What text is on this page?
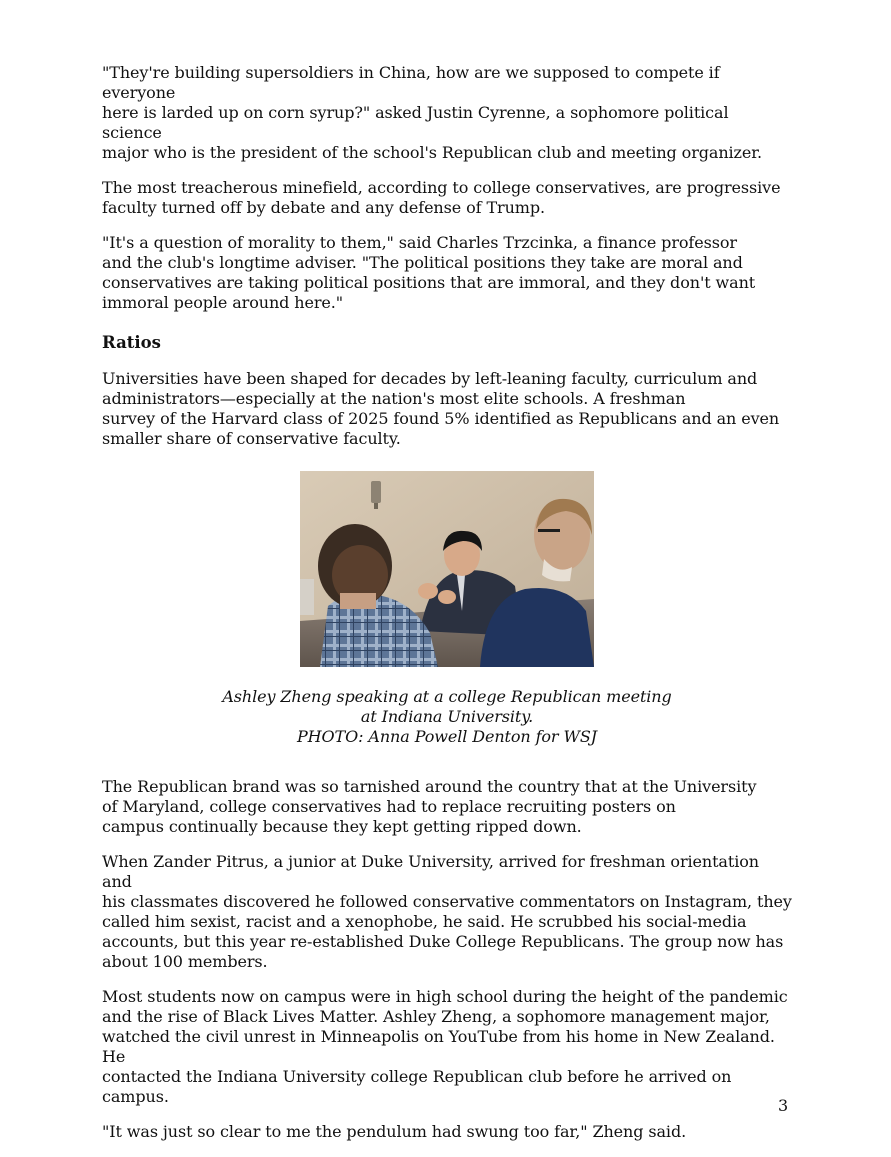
"They're building supersoldiers in China, how are we supposed to compete if everyone
here is larded up on corn syrup?" asked Justin Cyrenne, a sophomore political science
major who is the president of the school's Republican club and meeting organizer.

The most treacherous minefield, according to college conservatives, are progressive
faculty turned off by debate and any defense of Trump.

"It's a question of morality to them," said Charles Trzcinka, a finance professor
and the club's longtime adviser. "The political positions they take are moral and
conservatives are taking political positions that are immoral, and they don't want
immoral people around here."

Ratios

Universities have been shaped for decades by left-leaning faculty, curriculum and
administrators—especially at the nation's most elite schools. A freshman
survey of the Harvard class of 2025 found 5% identified as Republicans and an even
smaller share of conservative faculty.

Ashley Zheng speaking at a college Republican meeting
at Indiana University.
PHOTO: Anna Powell Denton for WSJ

The Republican brand was so tarnished around the country that at the University
of Maryland, college conservatives had to replace recruiting posters on
campus continually because they kept getting ripped down.

When Zander Pitrus, a junior at Duke University, arrived for freshman orientation and
his classmates discovered he followed conservative commentators on Instagram, they
called him sexist, racist and a xenophobe, he said. He scrubbed his social-media
accounts, but this year re-established Duke College Republicans. The group now has
about 100 members.

Most students now on campus were in high school during the height of the pandemic
and the rise of Black Lives Matter. Ashley Zheng, a sophomore management major,
watched the civil unrest in Minneapolis on YouTube from his home in New Zealand. He
contacted the Indiana University college Republican club before he arrived on campus.

"It was just so clear to me the pendulum had swung too far," Zheng said.

3
